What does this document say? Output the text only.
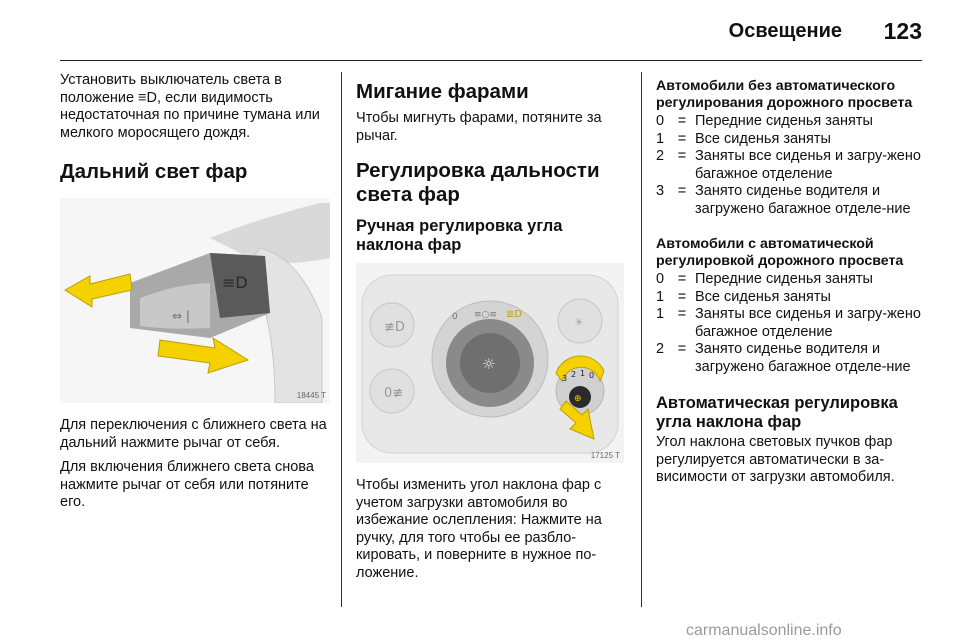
Освещение 123

Установить выключатель света в положение ≡D, если видимость недостаточная по причине тумана или мелкого моросящего дождя.

Дальний свет фар
≡D
⇔ |
18445 T

Для переключения с ближнего света на дальний нажмите рычаг от себя.

Для включения ближнего света снова нажмите рычаг от себя или потяните его.

Мигание фарами

Чтобы мигнуть фарами, потяните за рычаг.

Регулировка дальности света фар
Ручная регулировка угла наклона фар
≢D
0≢
☼
0 ≡○≡ ≣D
☀
3 2 1 0
⊕
17125 T

Чтобы изменить угол наклона фар с учетом загрузки автомобиля во избежание ослепления: Нажмите на ручку, для того чтобы ее разбло-кировать, и поверните в нужное по-ложение.

Автомобили без автоматического регулирования дорожного просвета
0 = Передние сиденья заняты
1 = Все сиденья заняты
2 = Заняты все сиденья и загру-жено багажное отделение
3 = Занято сиденье водителя и загружено багажное отделе-ние
Автомобили с автоматической регулировкой дорожного просвета
0 = Передние сиденья заняты
1 = Все сиденья заняты
1 = Заняты все сиденья и загру-жено багажное отделение
2 = Занято сиденье водителя и загружено багажное отделе-ние
Автоматическая регулировка угла наклона фар

Угол наклона световых пучков фар регулируется автоматически в за-висимости от загрузки автомобиля.

carmanualsonline.info
